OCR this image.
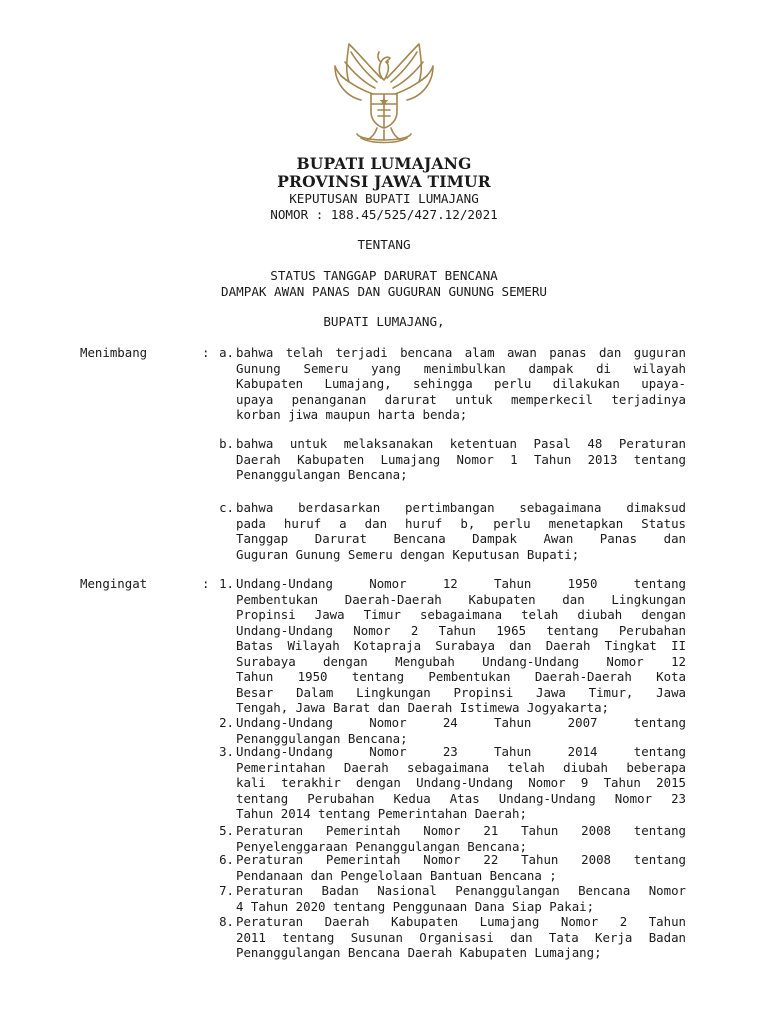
BUPATI LUMAJANG
PROVINSI JAWA TIMUR
KEPUTUSAN BUPATI LUMAJANG
NOMOR : 188.45/525/427.12/2021
TENTANG
STATUS TANGGAP DARURAT BENCANA
DAMPAK AWAN PANAS DAN GUGURAN GUNUNG SEMERU
BUPATI LUMAJANG,
Menimbang	: a. bahwa telah terjadi bencana alam awan panas dan guguran
Gunung Semeru yang menimbulkan dampak di wilayah
Kabupaten Lumajang, sehingga perlu dilakukan upaya-
upaya penanganan darurat untuk memperkecil terjadinya
korban jiwa maupun harta benda;
b. bahwa untuk melaksanakan ketentuan Pasal 48 Peraturan
Daerah Kabupaten Lumajang Nomor 1 Tahun 2013 tentang
Penanggulangan Bencana;
c. bahwa berdasarkan pertimbangan sebagaimana dimaksud
pada huruf a dan huruf b, perlu menetapkan Status
Tanggap Darurat Bencana Dampak Awan Panas dan
Guguran Gunung Semeru dengan Keputusan Bupati;
Mengingat	: 1. Undang-Undang Nomor 12 Tahun 1950 tentang
Pembentukan Daerah-Daerah Kabupaten dan Lingkungan
Propinsi Jawa Timur sebagaimana telah diubah dengan
Undang-Undang Nomor 2 Tahun 1965 tentang Perubahan
Batas Wilayah Kotapraja Surabaya dan Daerah Tingkat II
Surabaya dengan Mengubah Undang-Undang Nomor 12
Tahun 1950 tentang Pembentukan Daerah-Daerah Kota
Besar Dalam Lingkungan Propinsi Jawa Timur, Jawa
Tengah, Jawa Barat dan Daerah Istimewa Jogyakarta;
2. Undang-Undang Nomor 24 Tahun 2007 tentang
Penanggulangan Bencana;
3. Undang-Undang Nomor 23 Tahun 2014 tentang
Pemerintahan Daerah sebagaimana telah diubah beberapa
kali terakhir dengan Undang-Undang Nomor 9 Tahun 2015
tentang Perubahan Kedua Atas Undang-Undang Nomor 23
Tahun 2014 tentang Pemerintahan Daerah;
5. Peraturan Pemerintah Nomor 21 Tahun 2008 tentang
Penyelenggaraan Penanggulangan Bencana;
6. Peraturan Pemerintah Nomor 22 Tahun 2008 tentang
Pendanaan dan Pengelolaan Bantuan Bencana ;
7. Peraturan Badan Nasional Penanggulangan Bencana Nomor
4 Tahun 2020 tentang Penggunaan Dana Siap Pakai;
8. Peraturan Daerah Kabupaten Lumajang Nomor 2 Tahun
2011 tentang Susunan Organisasi dan Tata Kerja Badan
Penanggulangan Bencana Daerah Kabupaten Lumajang;
